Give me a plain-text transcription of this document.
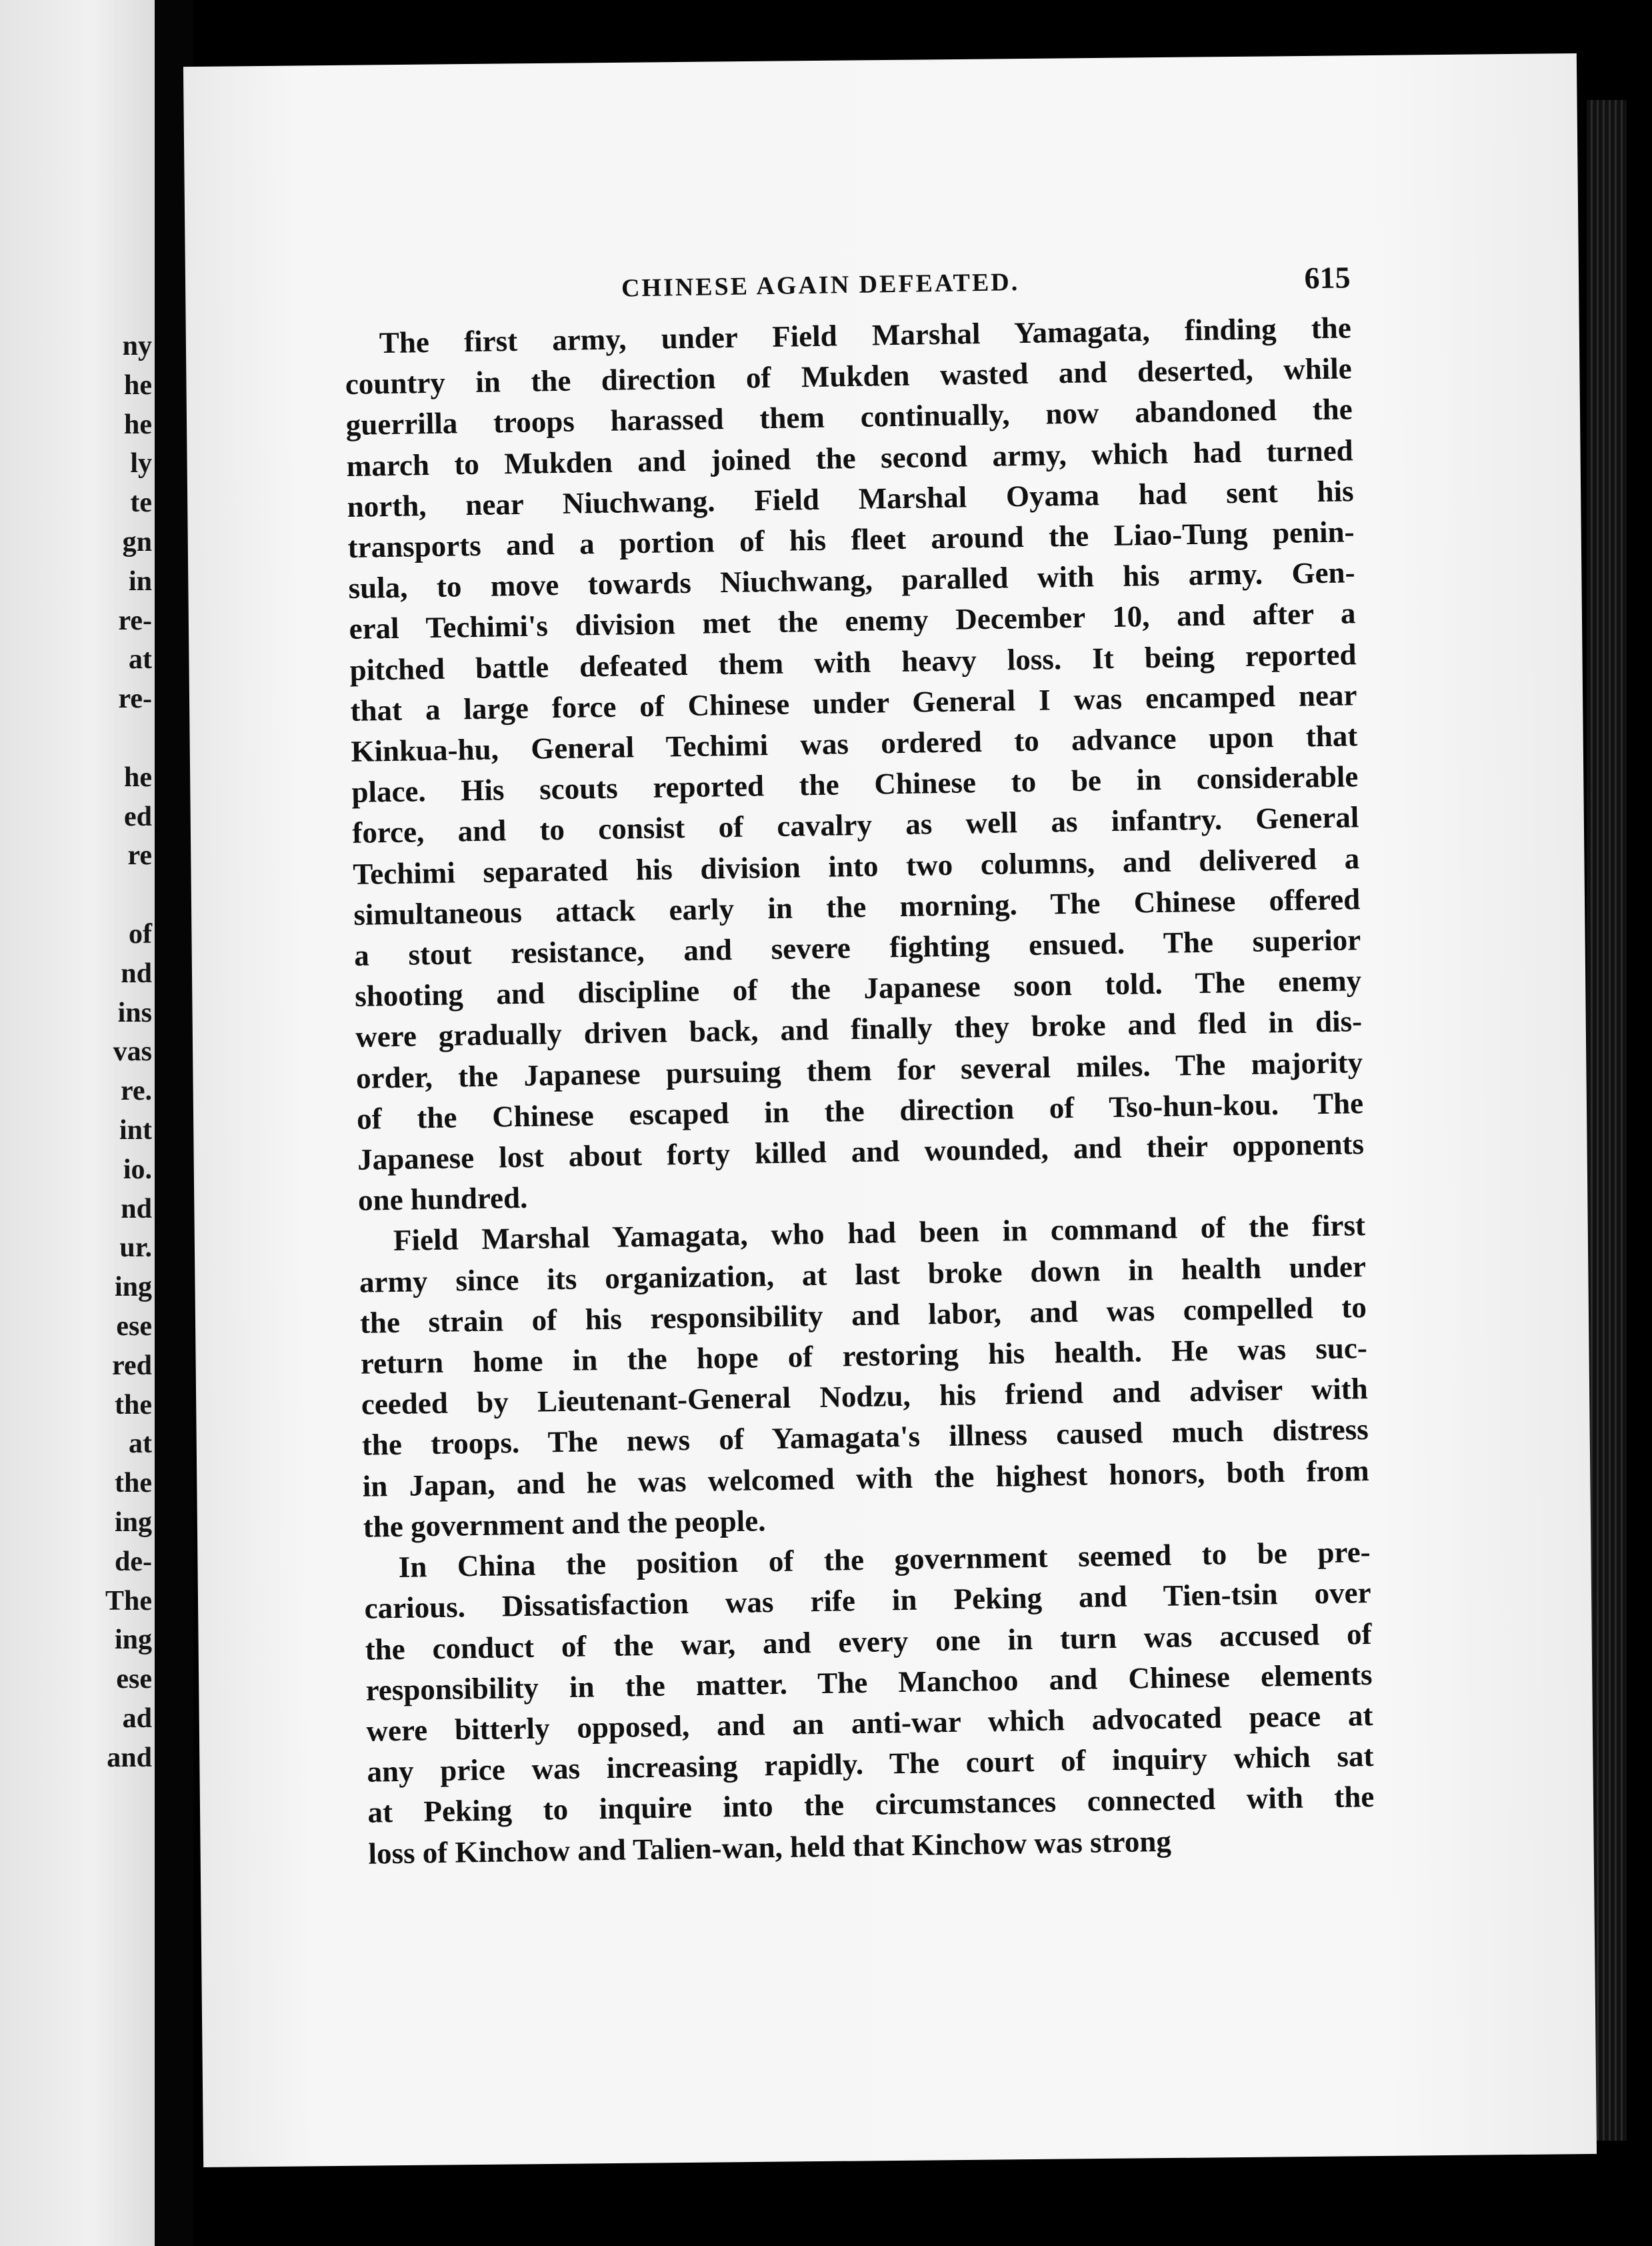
ny
he
he
ly
te
gn
in
re-
at
re-
he
ed
re
of
nd
ins
vas
re.
int
io.
nd
ur.
ing
ese
red
the
at
the
ing
de-
The
ing
ese
ad
and
CHINESE AGAIN DEFEATED.	615

The first army, under Field Marshal Yamagata, finding the
country in the direction of Mukden wasted and deserted, while
guerrilla troops harassed them continually, now abandoned the
march to Mukden and joined the second army, which had turned
north, near Niuchwang. Field Marshal Oyama had sent his
transports and a portion of his fleet around the Liao-Tung penin-
sula, to move towards Niuchwang, paralled with his army. Gen-
eral Techimi's division met the enemy December 10, and after a
pitched battle defeated them with heavy loss. It being reported
that a large force of Chinese under General I was encamped near
Kinkua-hu, General Techimi was ordered to advance upon that
place. His scouts reported the Chinese to be in considerable
force, and to consist of cavalry as well as infantry. General
Techimi separated his division into two columns, and delivered a
simultaneous attack early in the morning. The Chinese offered
a stout resistance, and severe fighting ensued. The superior
shooting and discipline of the Japanese soon told. The enemy
were gradually driven back, and finally they broke and fled in dis-
order, the Japanese pursuing them for several miles. The majority
of the Chinese escaped in the direction of Tso-hun-kou. The
Japanese lost about forty killed and wounded, and their opponents
one hundred.

Field Marshal Yamagata, who had been in command of the first
army since its organization, at last broke down in health under
the strain of his responsibility and labor, and was compelled to
return home in the hope of restoring his health. He was suc-
ceeded by Lieutenant-General Nodzu, his friend and adviser with
the troops. The news of Yamagata's illness caused much distress
in Japan, and he was welcomed with the highest honors, both from
the government and the people.

In China the position of the government seemed to be pre-
carious. Dissatisfaction was rife in Peking and Tien-tsin over
the conduct of the war, and every one in turn was accused of
responsibility in the matter. The Manchoo and Chinese elements
were bitterly opposed, and an anti-war which advocated peace at
any price was increasing rapidly. The court of inquiry which sat
at Peking to inquire into the circumstances connected with the
loss of Kinchow and Talien-wan, held that Kinchow was strong
